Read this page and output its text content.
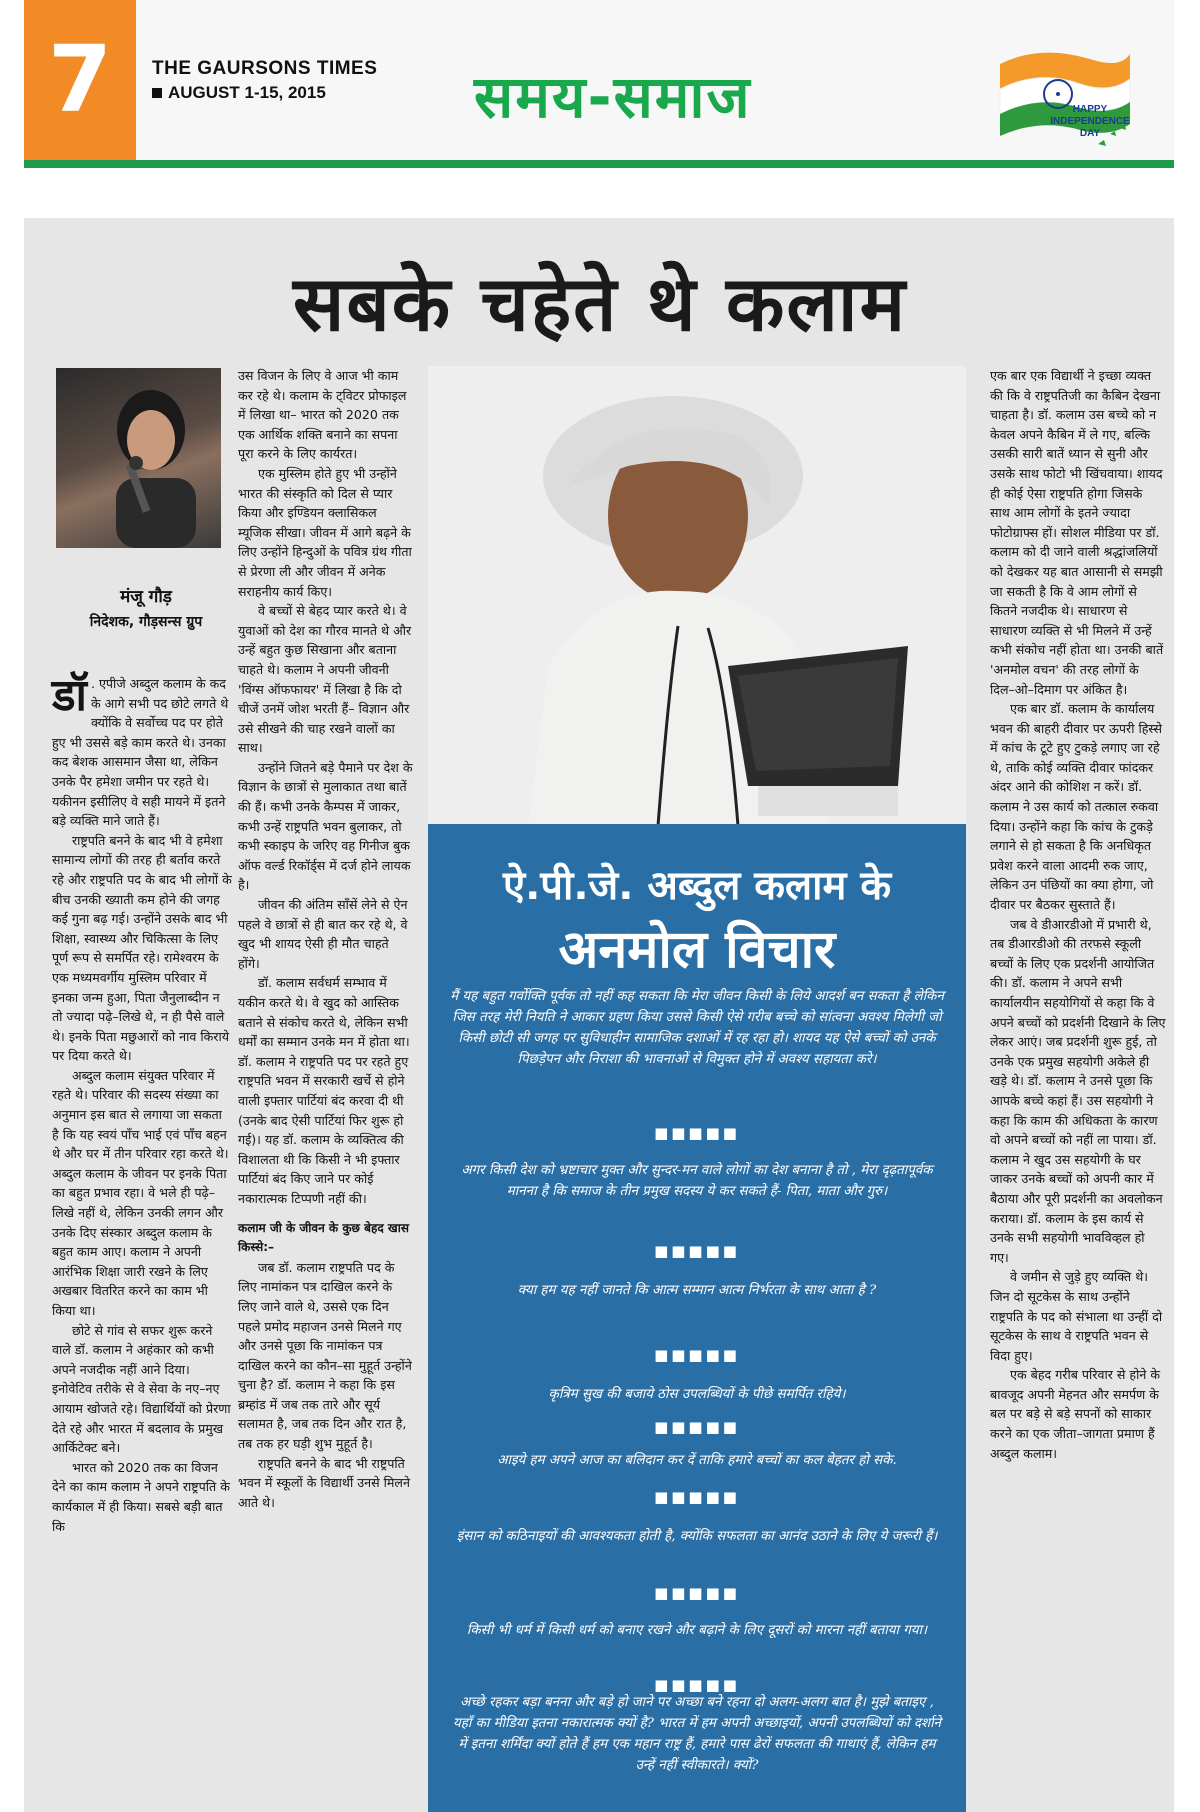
7	THE GAURSONS TIMES
AUGUST 1-15, 2015	समय-समाज	HAPPY
INDEPENDENCE
DAY
सबके चहेते थे कलाम
मंजू गौड़
निदेशक, गौड़सन्स ग्रुप

डॉ . एपीजे अब्दुल कलाम के कद के आगे सभी पद छोटे लगते थे क्योंकि वे सर्वोच्च पद पर होते हुए भी उससे बड़े काम करते थे। उनका कद बेशक आसमान जैसा था, लेकिन उनके पैर हमेशा जमीन पर रहते थे। यकीनन इसीलिए वे सही मायने में इतने बड़े व्यक्ति माने जाते हैं।

राष्ट्रपति बनने के बाद भी वे हमेशा सामान्य लोगों की तरह ही बर्ताव करते रहे और राष्ट्रपति पद के बाद भी लोगों के बीच उनकी ख्याती कम होने की जगह कई गुना बढ़ गई। उन्होंने उसके बाद भी शिक्षा, स्वास्थ्य और चिकित्सा के लिए पूर्ण रूप से समर्पित रहे। रामेश्वरम के एक मध्यमवर्गीय मुस्लिम परिवार में इनका जन्म हुआ, पिता जैनुलाब्दीन न तो ज्यादा पढ़े–लिखे थे, न ही पैसे वाले थे। इनके पिता मछुआरों को नाव किराये पर दिया करते थे।

अब्दुल कलाम संयुक्त परिवार में रहते थे। परिवार की सदस्य संख्या का अनुमान इस बात से लगाया जा सकता है कि यह स्वयं पाँच भाई एवं पाँच बहन थे और घर में तीन परिवार रहा करते थे। अब्दुल कलाम के जीवन पर इनके पिता का बहुत प्रभाव रहा। वे भले ही पढ़े–लिखे नहीं थे, लेकिन उनकी लगन और उनके दिए संस्कार अब्दुल कलाम के बहुत काम आए। कलाम ने अपनी आरंभिक शिक्षा जारी रखने के लिए अखबार वितरित करने का काम भी किया था।

छोटे से गांव से सफर शुरू करने वाले डॉ. कलाम ने अहंकार को कभी अपने नजदीक नहीं आने दिया। इनोवेटिव तरीके से वे सेवा के नए–नए आयाम खोजते रहे। विद्यार्थियों को प्रेरणा देते रहे और भारत में बदलाव के प्रमुख आर्किटेक्ट बने।

भारत को 2020 तक का विजन देने का काम कलाम ने अपने राष्ट्रपति के कार्यकाल में ही किया। सबसे बड़ी बात कि

उस विजन के लिए वे आज भी काम कर रहे थे। कलाम के ट्विटर प्रोफाइल में लिखा था– भारत को 2020 तक एक आर्थिक शक्ति बनाने का सपना पूरा करने के लिए कार्यरत।

एक मुस्लिम होते हुए भी उन्होंने भारत की संस्कृति को दिल से प्यार किया और इण्डियन क्लासिकल म्यूजिक सीखा। जीवन में आगे बढ़ने के लिए उन्होंने हिन्दुओं के पवित्र ग्रंथ गीता से प्रेरणा ली और जीवन में अनेक सराहनीय कार्य किए।

वे बच्चों से बेहद प्यार करते थे। वे युवाओं को देश का गौरव मानते थे और उन्हें बहुत कुछ सिखाना और बताना चाहते थे। कलाम ने अपनी जीवनी 'विंग्स ऑफफायर' में लिखा है कि दो चीजें उनमें जोश भरती हैं– विज्ञान और उसे सीखने की चाह रखने वालों का साथ।

उन्होंने जितने बड़े पैमाने पर देश के विज्ञान के छात्रों से मुलाकात तथा बातें की हैं। कभी उनके कैम्पस में जाकर, कभी उन्हें राष्ट्रपति भवन बुलाकर, तो कभी स्काइप के जरिए वह गिनीज बुक ऑफ वर्ल्ड रिकॉर्ड्स में दर्ज होने लायक है।

जीवन की अंतिम साँसें लेने से ऐन पहले वे छात्रों से ही बात कर रहे थे, वे खुद भी शायद ऐसी ही मौत चाहते होंगे।

डॉ. कलाम सर्वधर्म सम्भाव में यकीन करते थे। वे खुद को आस्तिक बताने से संकोच करते थे, लेकिन सभी धर्मों का सम्मान उनके मन में होता था। डॉ. कलाम ने राष्ट्रपति पद पर रहते हुए राष्ट्रपति भवन में सरकारी खर्चे से होने वाली इफ्तार पार्टियां बंद करवा दी थी (उनके बाद ऐसी पार्टियां फिर शुरू हो गई)। यह डॉ. कलाम के व्यक्तित्व की विशालता थी कि किसी ने भी इफ्तार पार्टियां बंद किए जाने पर कोई नकारात्मक टिप्पणी नहीं की।

कलाम जी के जीवन के कुछ बेहद खास किस्से:–

जब डॉ. कलाम राष्ट्रपति पद के लिए नामांकन पत्र दाखिल करने के लिए जाने वाले थे, उससे एक दिन पहले प्रमोद महाजन उनसे मिलने गए और उनसे पूछा कि नामांकन पत्र दाखिल करने का कौन–सा मुहूर्त उन्होंने चुना है? डॉ. कलाम ने कहा कि इस ब्रम्हांड में जब तक तारे और सूर्य सलामत है, जब तक दिन और रात है, तब तक हर घड़ी शुभ मुहूर्त है।

राष्ट्रपति बनने के बाद भी राष्ट्रपति भवन में स्कूलों के विद्यार्थी उनसे मिलने आते थे।

ऐ.पी.जे. अब्दुल कलाम के
अनमोल विचार
मैं यह बहुत गर्वोक्ति पूर्वक तो नहीं कह सकता कि मेरा जीवन किसी के लिये आदर्श बन सकता है लेकिन जिस तरह मेरी नियति ने आकार ग्रहण किया उससे किसी ऐसे गरीब बच्चे को सांत्वना अवश्य मिलेगी जो किसी छोटी सी जगह पर सुविधाहीन सामाजिक दशाओं में रह रहा हो। शायद यह ऐसे बच्चों को उनके पिछड़ेपन और निराशा की भावनाओं से विमुक्त होने में अवश्य सहायता करे।
■■■■■
अगर किसी देश को भ्रष्टाचार मुक्त और सुन्दर-मन वाले लोगों का देश बनाना है तो , मेरा दृढ़तापूर्वक मानना है कि समाज के तीन प्रमुख सदस्य ये कर सकते हैं- पिता, माता और गुरु।
■■■■■
क्या हम यह नहीं जानते कि आत्म सम्मान आत्म निर्भरता के साथ आता है ?
■■■■■
कृत्रिम सुख की बजाये ठोस उपलब्धियों के पीछे समर्पित रहिये।
■■■■■
आइये हम अपने आज का बलिदान कर दें ताकि हमारे बच्चों का कल बेहतर हो सके.
■■■■■
इंसान को कठिनाइयों की आवश्यकता होती है, क्योंकि सफलता का आनंद उठाने के लिए ये जरूरी हैं।
■■■■■
किसी भी धर्म में किसी धर्म को बनाए रखने और बढ़ाने के लिए दूसरों को मारना नहीं बताया गया।
■■■■■
अच्छे रहकर बड़ा बनना और बड़े हो जाने पर अच्छा बने रहना दो अलग-अलग बात है। मुझे बताइए , यहाँ का मीडिया इतना नकारात्मक क्यों है? भारत में हम अपनी अच्छाइयों, अपनी उपलब्धियों को दर्शाने में इतना शर्मिंदा क्यों होते हैं हम एक महान राष्ट्र हैं, हमारे पास ढेरों सफलता की गाथाएं हैं, लेकिन हम उन्हें नहीं स्वीकारते। क्यों?

एक बार एक विद्यार्थी ने इच्छा व्यक्त की कि वे राष्ट्रपतिजी का कैबिन देखना चाहता है। डॉ. कलाम उस बच्चे को न केवल अपने कैबिन में ले गए, बल्कि उसकी सारी बातें ध्यान से सुनी और उसके साथ फोटो भी खिंचवाया। शायद ही कोई ऐसा राष्ट्रपति होगा जिसके साथ आम लोगों के इतने ज्यादा फोटोग्राफ्स हों। सोशल मीडिया पर डॉ. कलाम को दी जाने वाली श्रद्धांजलियों को देखकर यह बात आसानी से समझी जा सकती है कि वे आम लोगों से कितने नजदीक थे। साधारण से साधारण व्यक्ति से भी मिलने में उन्हें कभी संकोच नहीं होता था। उनकी बातें 'अनमोल वचन' की तरह लोगों के दिल–ओ–दिमाग पर अंकित है।

एक बार डॉ. कलाम के कार्यालय भवन की बाहरी दीवार पर ऊपरी हिस्से में कांच के टूटे हुए टुकड़े लगाए जा रहे थे, ताकि कोई व्यक्ति दीवार फांदकर अंदर आने की कोशिश न करें। डॉ. कलाम ने उस कार्य को तत्काल रुकवा दिया। उन्होंने कहा कि कांच के टुकड़े लगाने से हो सकता है कि अनधिकृत प्रवेश करने वाला आदमी रुक जाए, लेकिन उन पंछियों का क्या होगा, जो दीवार पर बैठकर सुस्ताते हैं।

जब वे डीआरडीओ में प्रभारी थे, तब डीआरडीओ की तरफसे स्कूली बच्चों के लिए एक प्रदर्शनी आयोजित की। डॉ. कलाम ने अपने सभी कार्यालयीन सहयोगियों से कहा कि वे अपने बच्चों को प्रदर्शनी दिखाने के लिए लेकर आएं। जब प्रदर्शनी शुरू हुई, तो उनके एक प्रमुख सहयोगी अकेले ही खड़े थे। डॉ. कलाम ने उनसे पूछा कि आपके बच्चे कहां हैं। उस सहयोगी ने कहा कि काम की अधिकता के कारण वो अपने बच्चों को नहीं ला पाया। डॉ. कलाम ने खुद उस सहयोगी के घर जाकर उनके बच्चों को अपनी कार में बैठाया और पूरी प्रदर्शनी का अवलोकन कराया। डॉ. कलाम के इस कार्य से उनके सभी सहयोगी भावविव्हल हो गए।

वे जमीन से जुड़े हुए व्यक्ति थे। जिन दो सूटकेस के साथ उन्होंने राष्ट्रपति के पद को संभाला था उन्हीं दो सूटकेस के साथ वे राष्ट्रपति भवन से विदा हुए।

एक बेहद गरीब परिवार से होने के बावजूद अपनी मेहनत और समर्पण के बल पर बड़े से बड़े सपनों को साकार करने का एक जीता–जागता प्रमाण हैं अब्दुल कलाम।
